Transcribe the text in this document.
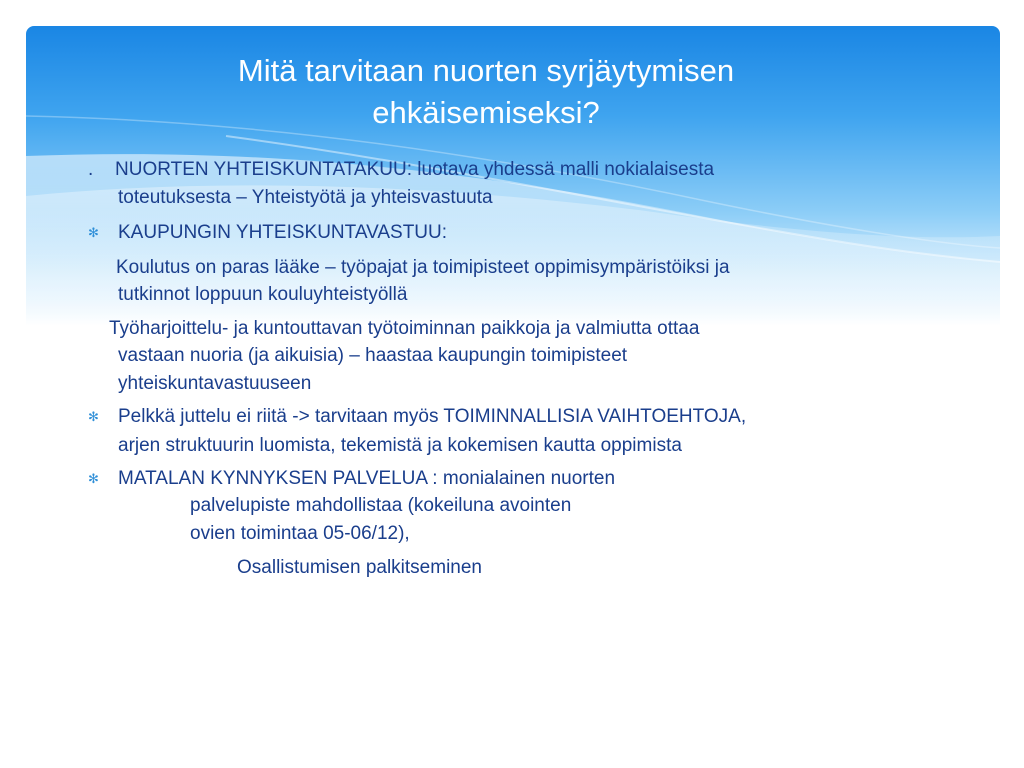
Mitä tarvitaan nuorten syrjäytymisen
ehkäisemiseksi?
. NUORTEN YHTEISKUNTATAKUU: luotava yhdessä malli nokialaisesta
toteutuksesta – Yhteistyötä ja yhteisvastuuta
✻ KAUPUNGIN YHTEISKUNTAVASTUU:
Koulutus on paras lääke – työpajat ja toimipisteet oppimisympäristöiksi ja
tutkinnot loppuun kouluyhteistyöllä
Työharjoittelu- ja kuntouttavan työtoiminnan paikkoja ja valmiutta ottaa
vastaan nuoria (ja aikuisia) – haastaa kaupungin toimipisteet
yhteiskuntavastuuseen
✻ Pelkkä juttelu ei riitä -> tarvitaan myös TOIMINNALLISIA VAIHTOEHTOJA,
arjen struktuurin luomista, tekemistä ja kokemisen kautta oppimista
✻ MATALAN KYNNYKSEN PALVELUA : monialainen nuorten
palvelupiste mahdollistaa (kokeiluna avointen
ovien toimintaa 05-06/12),
Osallistumisen palkitseminen
